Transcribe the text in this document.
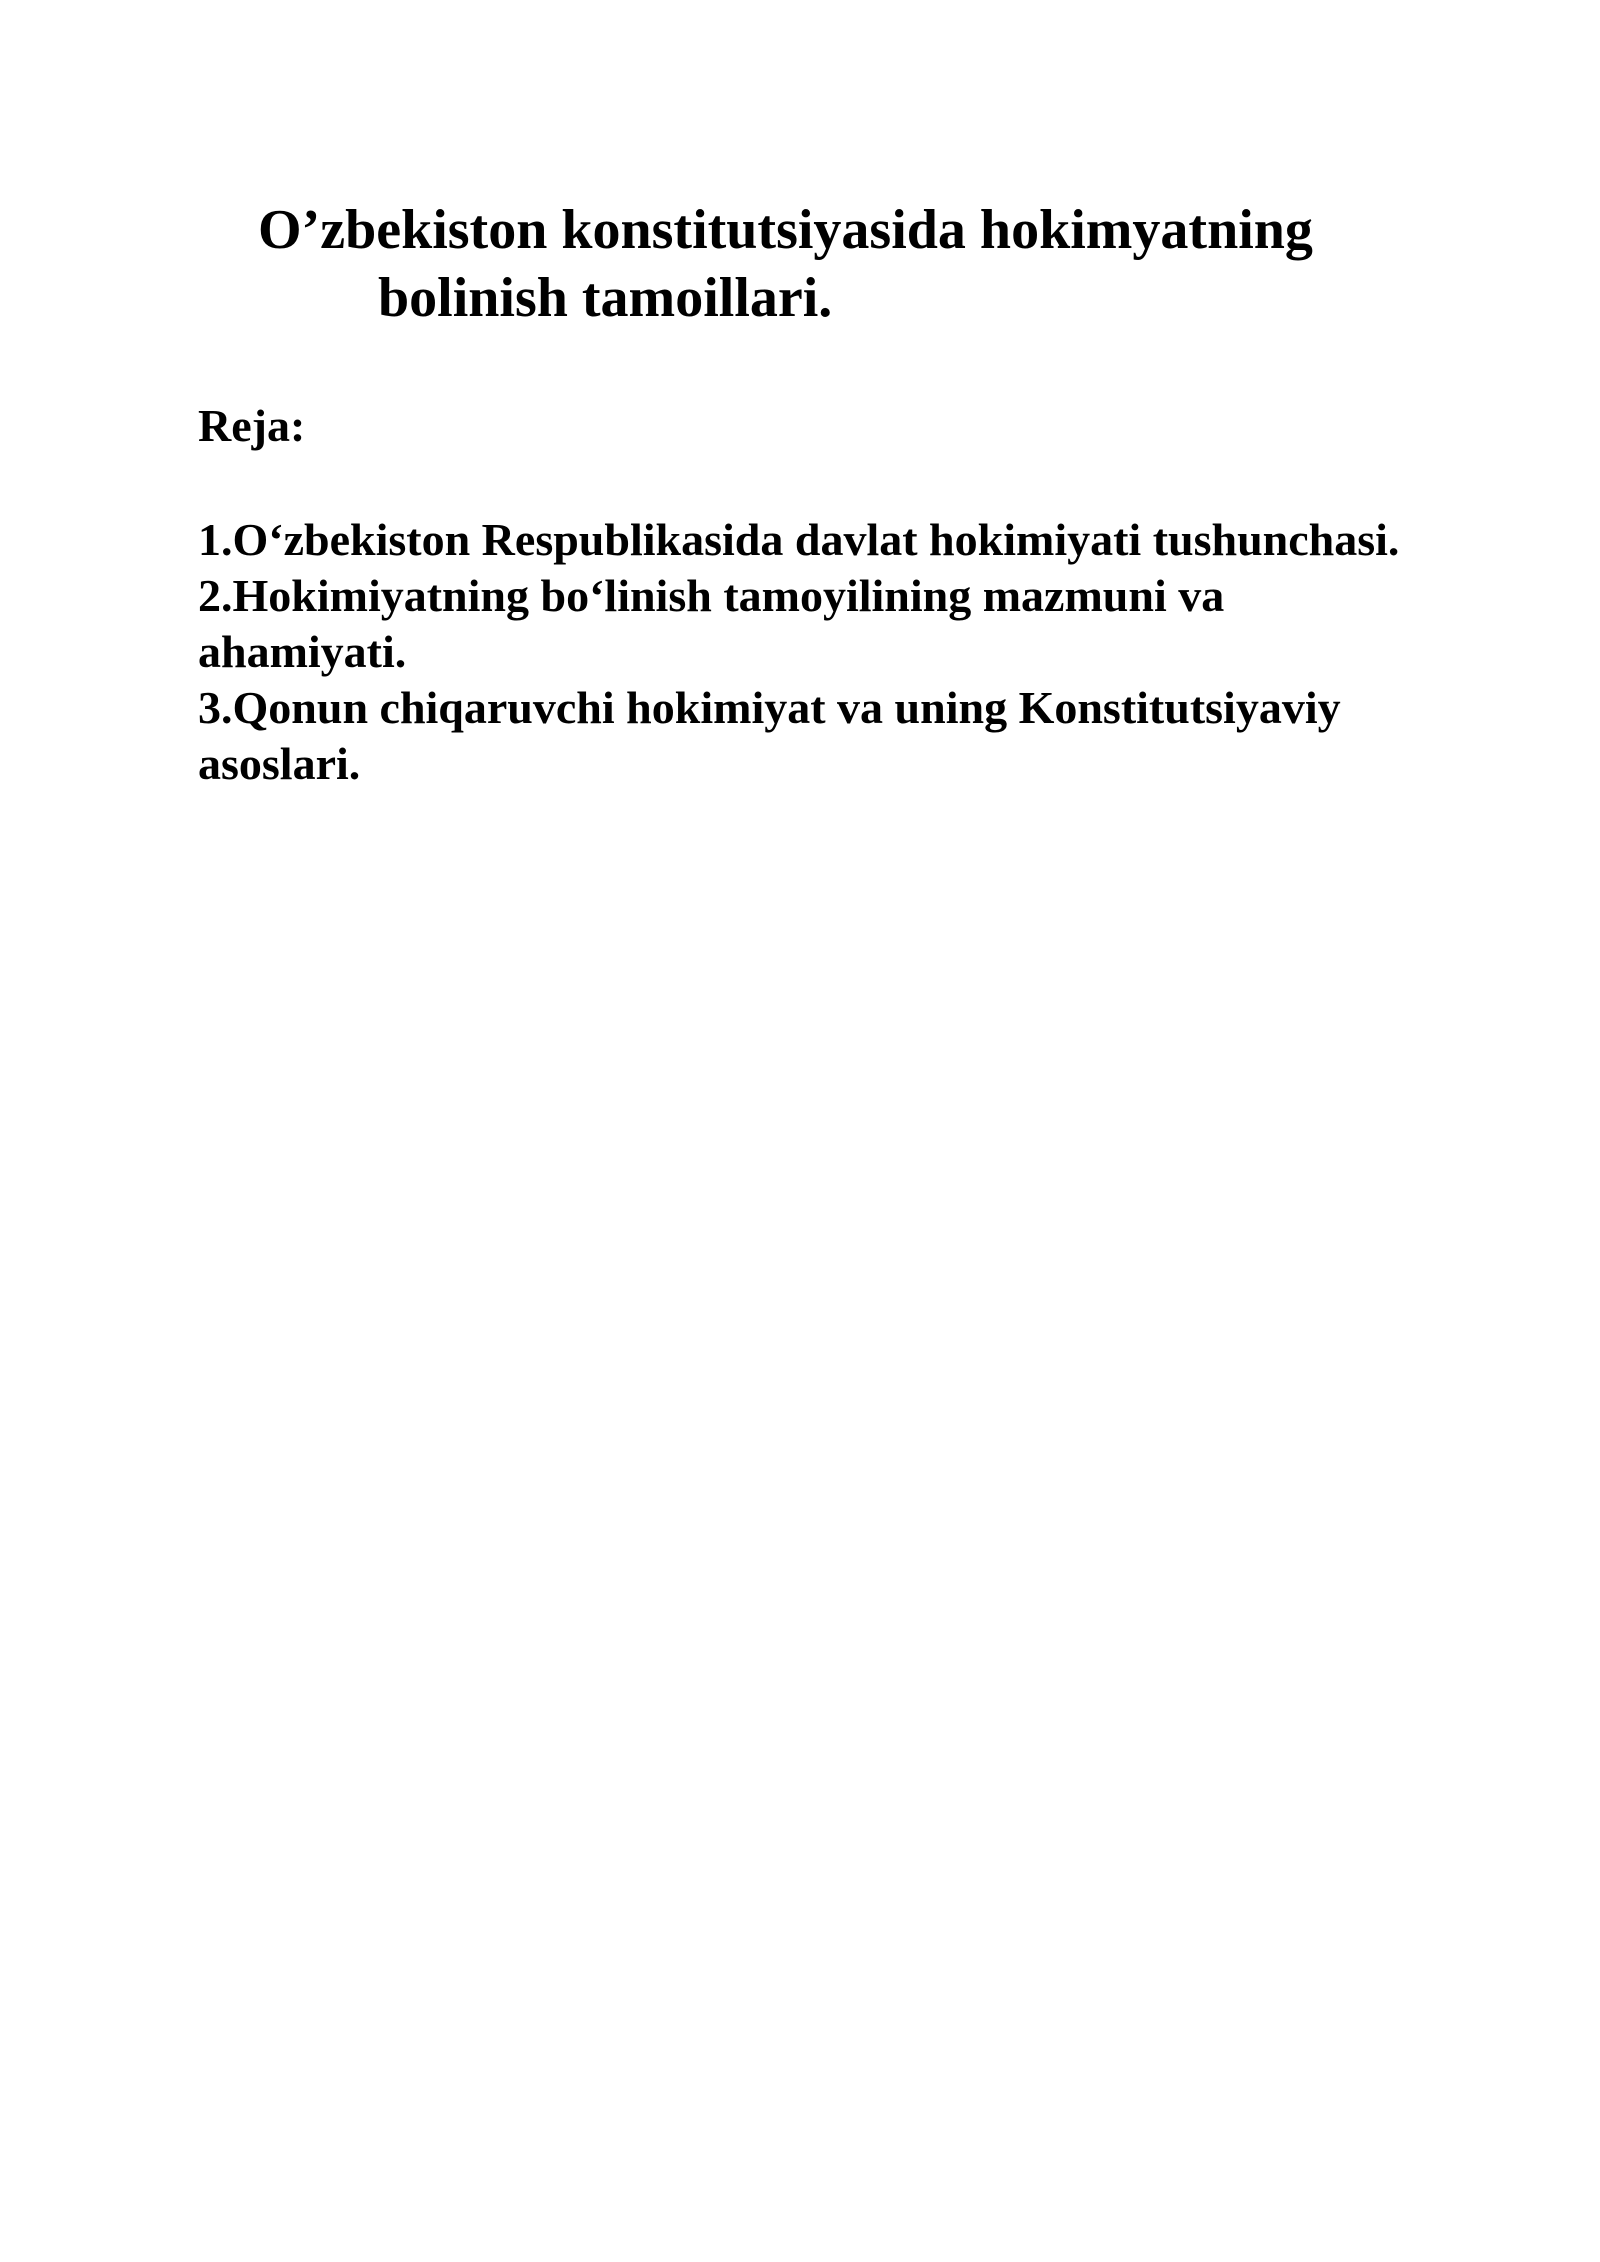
O’zbekiston konstitutsiyasida hokimyatning
bolinish tamoillari.

Reja:

1.O‘zbekiston Respublikasida davlat hokimiyati tushunchasi.
2.Hokimiyatning bo‘linish tamoyilining mazmuni va ahamiyati.
3.Qonun chiqaruvchi hokimiyat va uning Konstitutsiyaviy asoslari.
